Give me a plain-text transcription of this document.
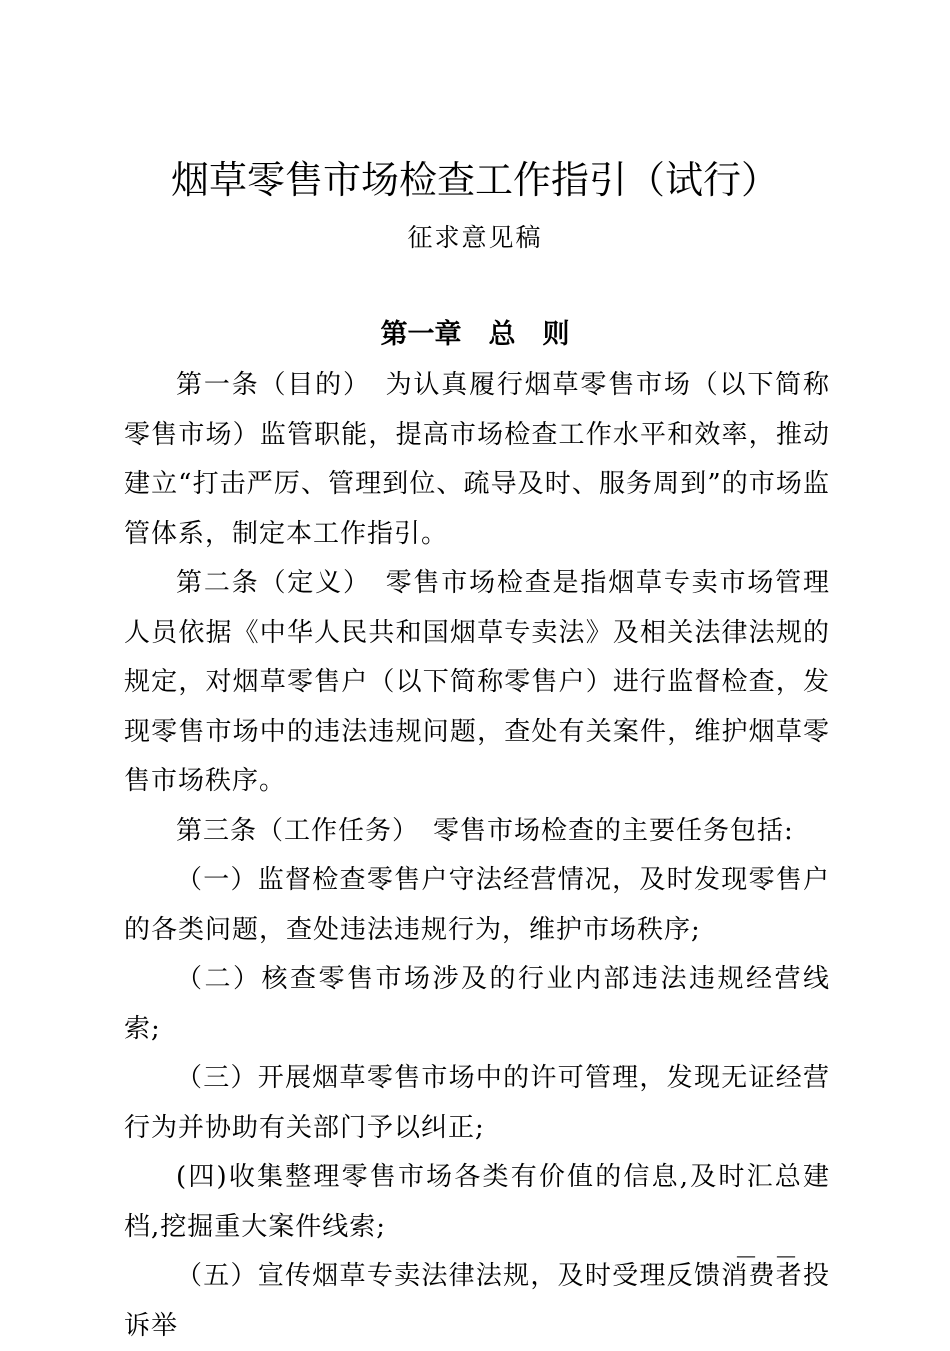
烟草零售市场检查工作指引（试行）
征求意见稿
第一章　总　则

第一条（目的）　为认真履行烟草零售市场（以下简称零售市场）监管职能，提高市场检查工作水平和效率，推动建立“打击严厉、管理到位、疏导及时、服务周到”的市场监管体系，制定本工作指引。

第二条（定义）　零售市场检查是指烟草专卖市场管理人员依据《中华人民共和国烟草专卖法》及相关法律法规的规定，对烟草零售户（以下简称零售户）进行监督检查，发现零售市场中的违法违规问题，查处有关案件，维护烟草零售市场秩序。

第三条（工作任务）　零售市场检查的主要任务包括:

（一）监督检查零售户守法经营情况，及时发现零售户的各类问题，查处违法违规行为，维护市场秩序;

（二）核查零售市场涉及的行业内部违法违规经营线索;

（三）开展烟草零售市场中的许可管理，发现无证经营行为并协助有关部门予以纠正;

(四)收集整理零售市场各类有价值的信息,及时汇总建档,挖掘重大案件线索;

（五）宣传烟草专卖法律法规，及时受理反馈消费者投诉举

—　—
